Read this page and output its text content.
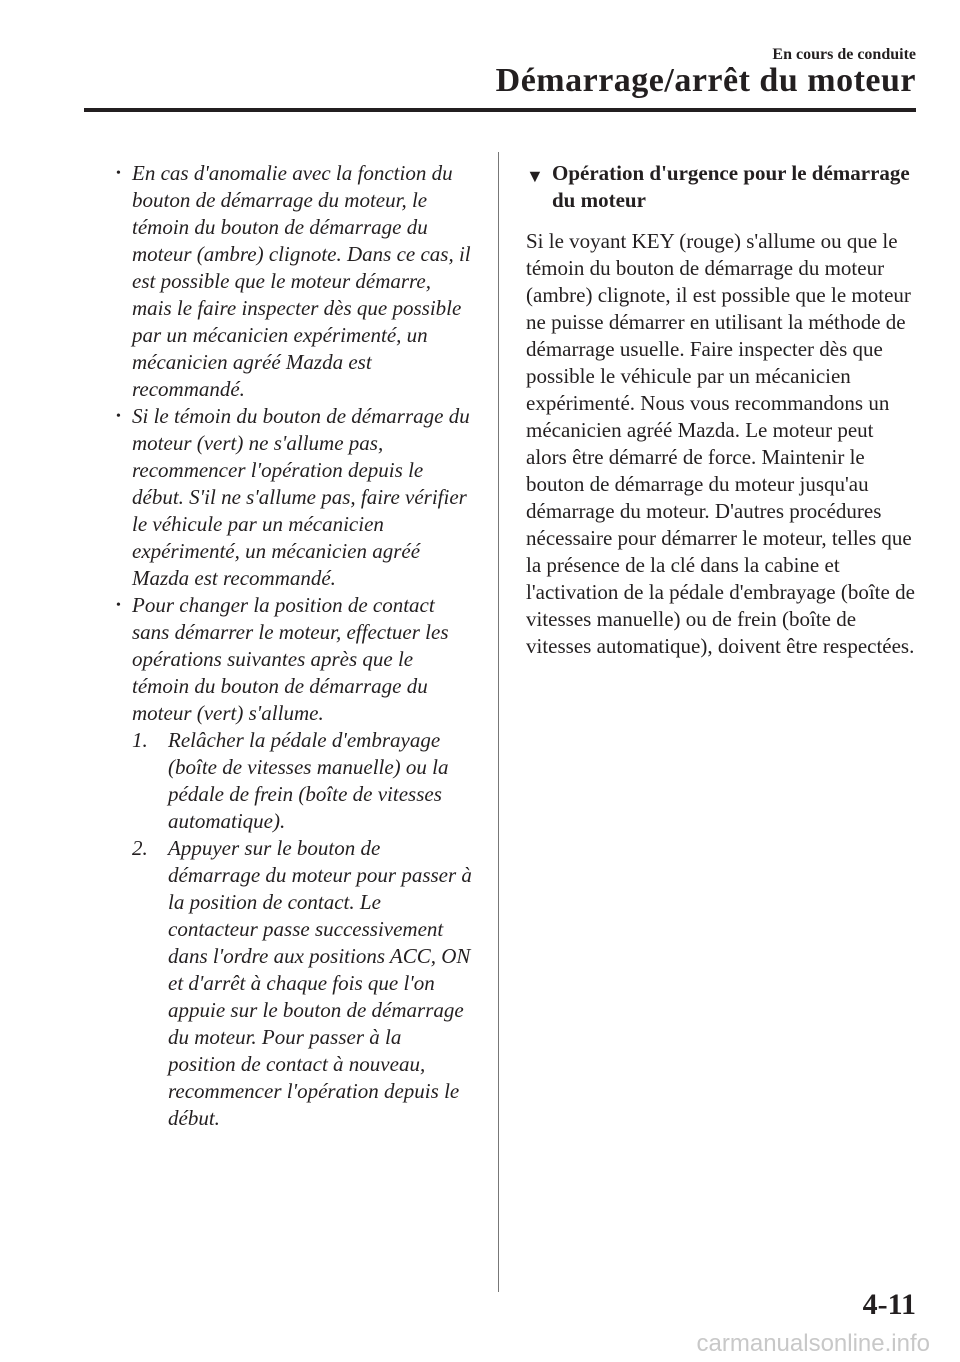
En cours de conduite
Démarrage/arrêt du moteur
• En cas d'anomalie avec la fonction du bouton de démarrage du moteur, le témoin du bouton de démarrage du moteur (ambre) clignote. Dans ce cas, il est possible que le moteur démarre, mais le faire inspecter dès que possible par un mécanicien expérimenté, un mécanicien agréé Mazda est recommandé.
• Si le témoin du bouton de démarrage du moteur (vert) ne s'allume pas, recommencer l'opération depuis le début. S'il ne s'allume pas, faire vérifier le véhicule par un mécanicien expérimenté, un mécanicien agréé Mazda est recommandé.
• Pour changer la position de contact sans démarrer le moteur, effectuer les opérations suivantes après que le témoin du bouton de démarrage du moteur (vert) s'allume.
1. Relâcher la pédale d'embrayage (boîte de vitesses manuelle) ou la pédale de frein (boîte de vitesses automatique).
2. Appuyer sur le bouton de démarrage du moteur pour passer à la position de contact. Le contacteur passe successivement dans l'ordre aux positions ACC, ON et d'arrêt à chaque fois que l'on appuie sur le bouton de démarrage du moteur. Pour passer à la position de contact à nouveau, recommencer l'opération depuis le début.
▼ Opération d'urgence pour le démarrage du moteur
Si le voyant KEY (rouge) s'allume ou que le témoin du bouton de démarrage du moteur (ambre) clignote, il est possible que le moteur ne puisse démarrer en utilisant la méthode de démarrage usuelle. Faire inspecter dès que possible le véhicule par un mécanicien expérimenté. Nous vous recommandons un mécanicien agréé Mazda. Le moteur peut alors être démarré de force. Maintenir le bouton de démarrage du moteur jusqu'au démarrage du moteur. D'autres procédures nécessaire pour démarrer le moteur, telles que la présence de la clé dans la cabine et l'activation de la pédale d'embrayage (boîte de vitesses manuelle) ou de frein (boîte de vitesses automatique), doivent être respectées.
4-11
carmanualsonline.info
